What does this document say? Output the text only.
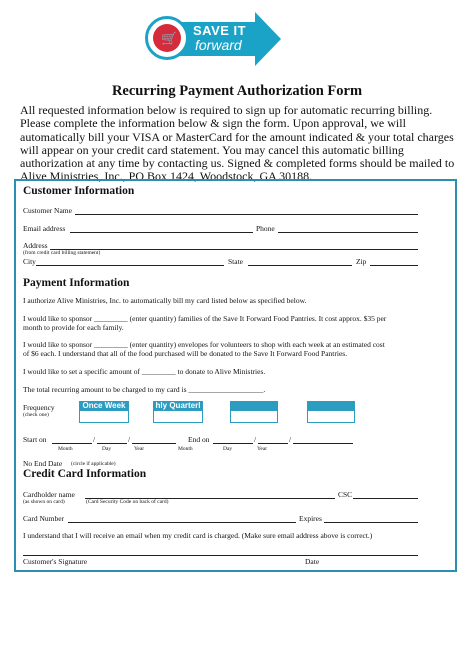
🛒
SAVE IT
forward
Recurring Payment Authorization Form
All requested information below is required to sign up for automatic recurring billing. Please complete the information below & sign the form. Upon approval, we will automatically bill your VISA or MasterCard for the amount indicated & your total charges will appear on your credit card statement. You may cancel this automatic billing authorization at any time by contacting us. Signed & completed forms should be mailed to Alive Ministries, Inc., PO Box 1424, Woodstock, GA 30188.
Customer Information
Customer Name
Email address	Phone
Address
(from credit card billing statement)
City	State	Zip
Payment Information
I authorize Alive Ministries, Inc. to automatically bill my card listed below as specified below.
I would like to sponsor _________ (enter quantity) families of the Save It Forward Food Pantries. It cost approx. $35 per
month to provide for each family.
I would like to sponsor _________ (enter quantity) envelopes for volunteers to shop with each week at an estimated cost
of $6 each. I understand that all of the food purchased will be donated to the Save It Forward Food Pantries.
I would like to set a specific amount of _________ to donate to Alive Ministries.
The total recurring amount to be charged to my card is ____________________.
Frequency
(check one)
Once Week	hly Quarterl
Start on	/	/
Month	Day	Year
End on	/	/
Month	Day	Year
No End Date (circle if applicable)
Credit Card Information
Cardholder name
(as shown on card)	(Card Security Code on back of card)
CSC
Card Number	Expires
I understand that I will receive an email when my credit card is charged. (Make sure email address above is correct.)
Customer's Signature	Date
